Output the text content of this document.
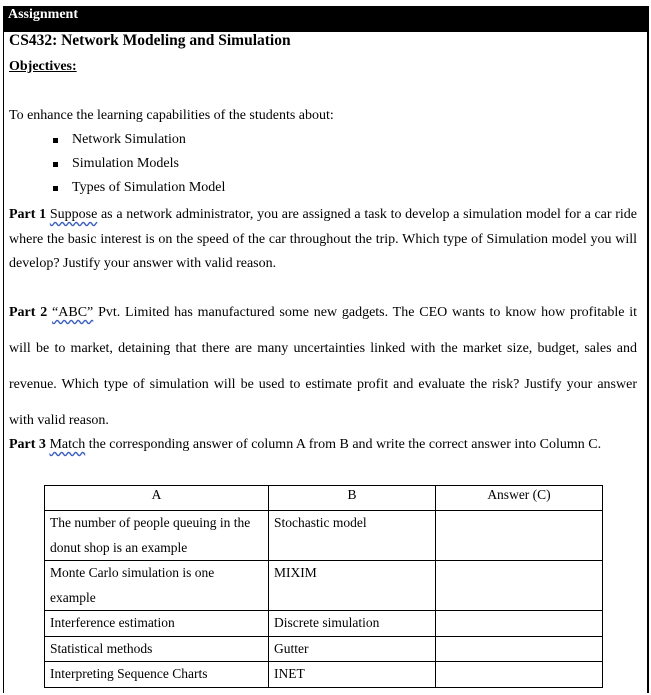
Assignment
CS432: Network Modeling and Simulation
Objectives:
To enhance the learning capabilities of the students about:
Network Simulation
Simulation Models
Types of Simulation Model
Part 1 Suppose as a network administrator, you are assigned a task to develop a simulation model for a car ride where the basic interest is on the speed of the car throughout the trip. Which type of Simulation model you will develop? Justify your answer with valid reason.
Part 2 “ABC” Pvt. Limited has manufactured some new gadgets. The CEO wants to know how profitable it will be to market, detaining that there are many uncertainties linked with the market size, budget, sales and revenue. Which type of simulation will be used to estimate profit and evaluate the risk? Justify your answer with valid reason.
Part 3 Match the corresponding answer of column A from B and write the correct answer into Column C.
A	B	Answer (C)
The number of people queuing in the donut shop is an example	Stochastic model	
Monte Carlo simulation is one example	MIXIM	
Interference estimation	Discrete simulation	
Statistical methods	Gutter	
Interpreting Sequence Charts	INET	
